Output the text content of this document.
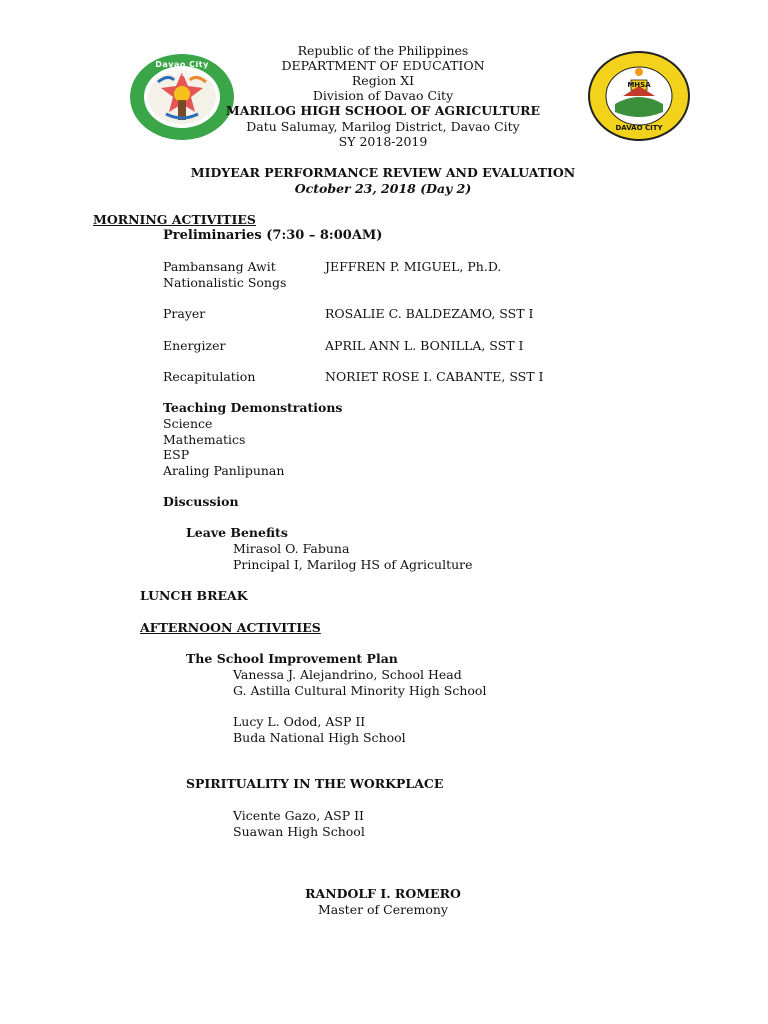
Davao City Division
MHSA
DAVAO CITY
Republic of the Philippines
DEPARTMENT OF EDUCATION
Region XI
Division of Davao City
MARILOG HIGH SCHOOL OF AGRICULTURE
Datu Salumay, Marilog District, Davao City
SY 2018-2019
MIDYEAR PERFORMANCE REVIEW AND EVALUATION
October 23, 2018 (Day 2)
MORNING ACTIVITIES
Preliminaries (7:30 – 8:00AM)
Pambansang Awit	JEFFREN P. MIGUEL, Ph.D.
Nationalistic Songs
Prayer	ROSALIE C. BALDEZAMO, SST I
Energizer	APRIL ANN L. BONILLA, SST I
Recapitulation	NORIET ROSE I. CABANTE, SST I
Teaching Demonstrations
Science
Mathematics
ESP
Araling Panlipunan
Discussion
Leave Benefits
Mirasol O. Fabuna
Principal I, Marilog HS of Agriculture
LUNCH BREAK
AFTERNOON ACTIVITIES
The School Improvement Plan
Vanessa J. Alejandrino, School Head
G. Astilla Cultural Minority High School
Lucy L. Odod, ASP II
Buda National High School
SPIRITUALITY IN THE WORKPLACE
Vicente Gazo, ASP II
Suawan High School
RANDOLF I. ROMERO
Master of Ceremony
